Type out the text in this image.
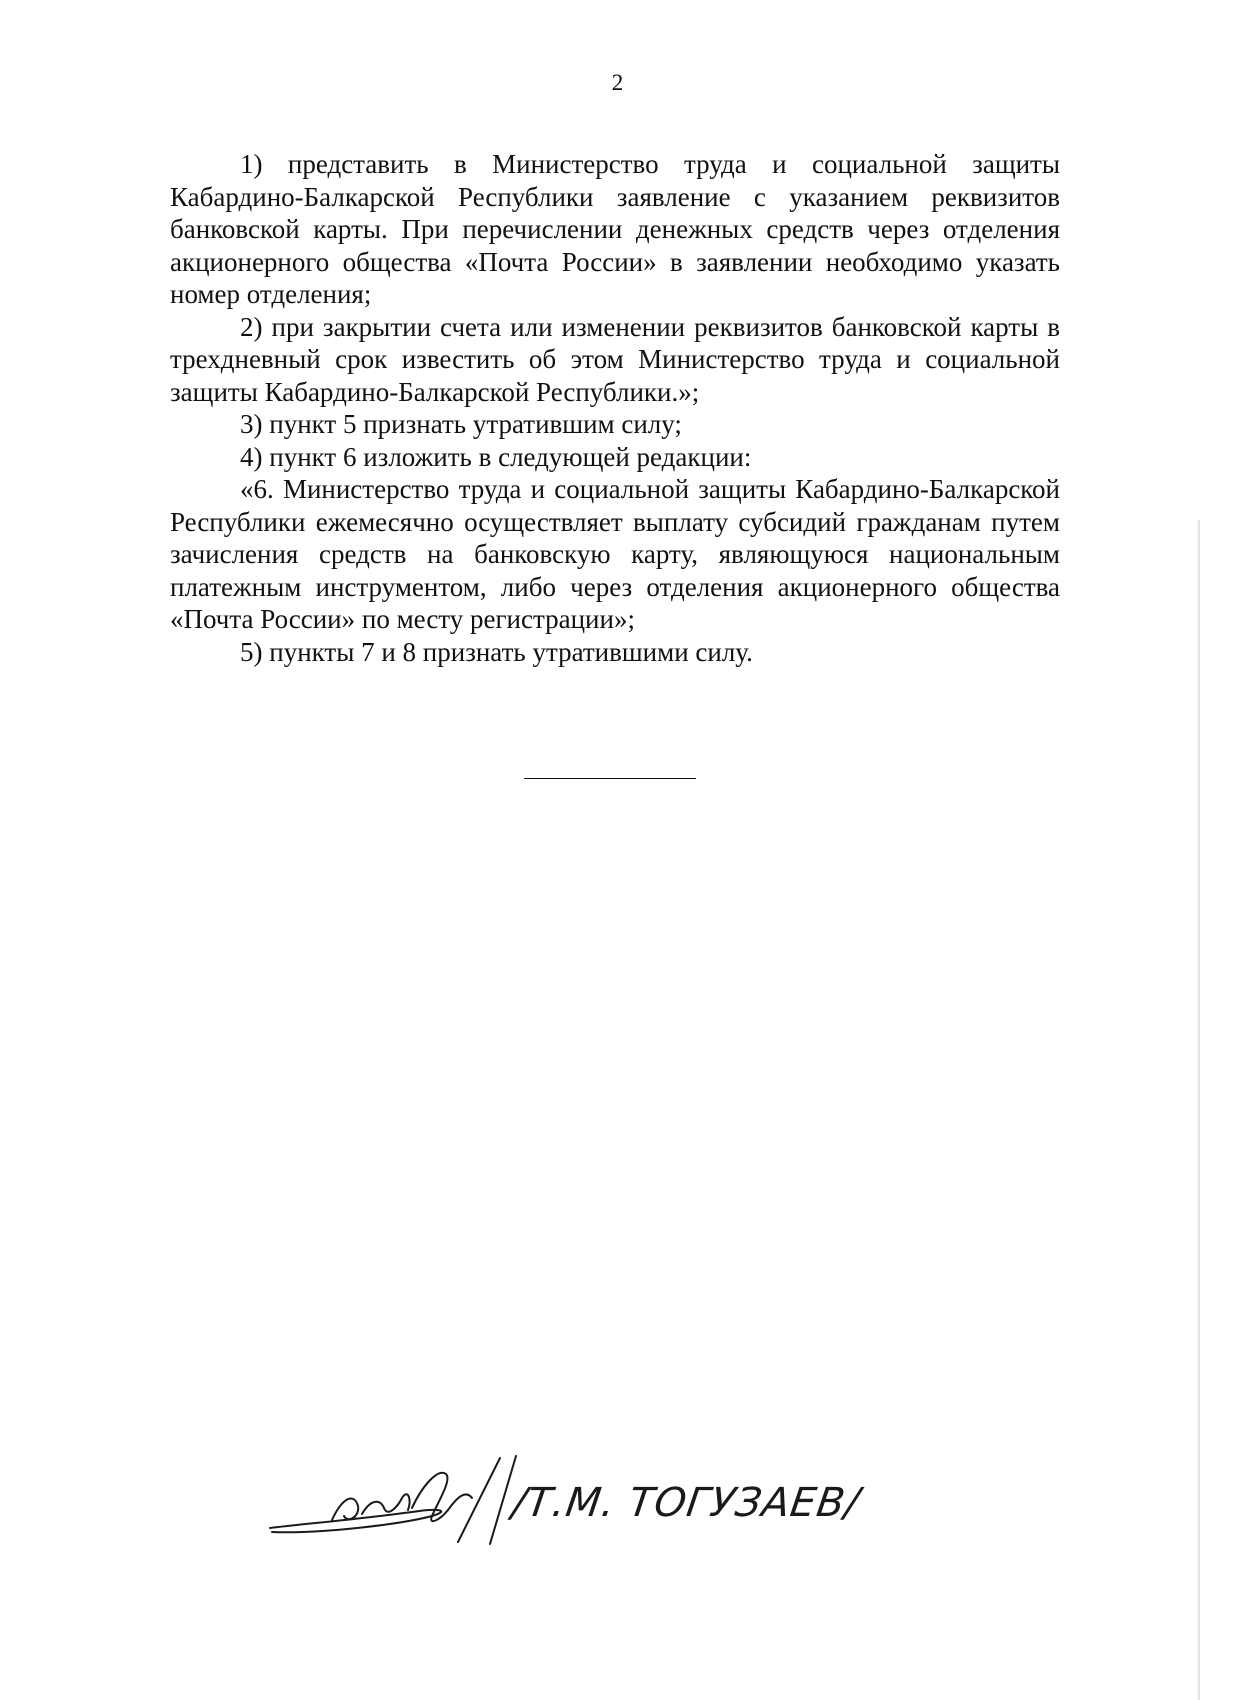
2

1) представить в Министерство труда и социальной защиты Кабардино-Балкарской Республики заявление с указанием реквизитов банковской карты. При перечислении денежных средств через отделения акционерного общества «Почта России» в заявлении необходимо указать номер отделения;

2) при закрытии счета или изменении реквизитов банковской карты в трехдневный срок известить об этом Министерство труда и социальной защиты Кабардино-Балкарской Республики.»;

3) пункт 5 признать утратившим силу;

4) пункт 6 изложить в следующей редакции:

«6. Министерство труда и социальной защиты Кабардино-Балкарской Республики ежемесячно осуществляет выплату субсидий гражданам путем зачисления средств на банковскую карту, являющуюся национальным платежным инструментом, либо через отделения акционерного общества «Почта России» по месту регистрации»;

5) пункты 7 и 8 признать утратившими силу.

/Т.М. ТОГУЗАЕВ/
